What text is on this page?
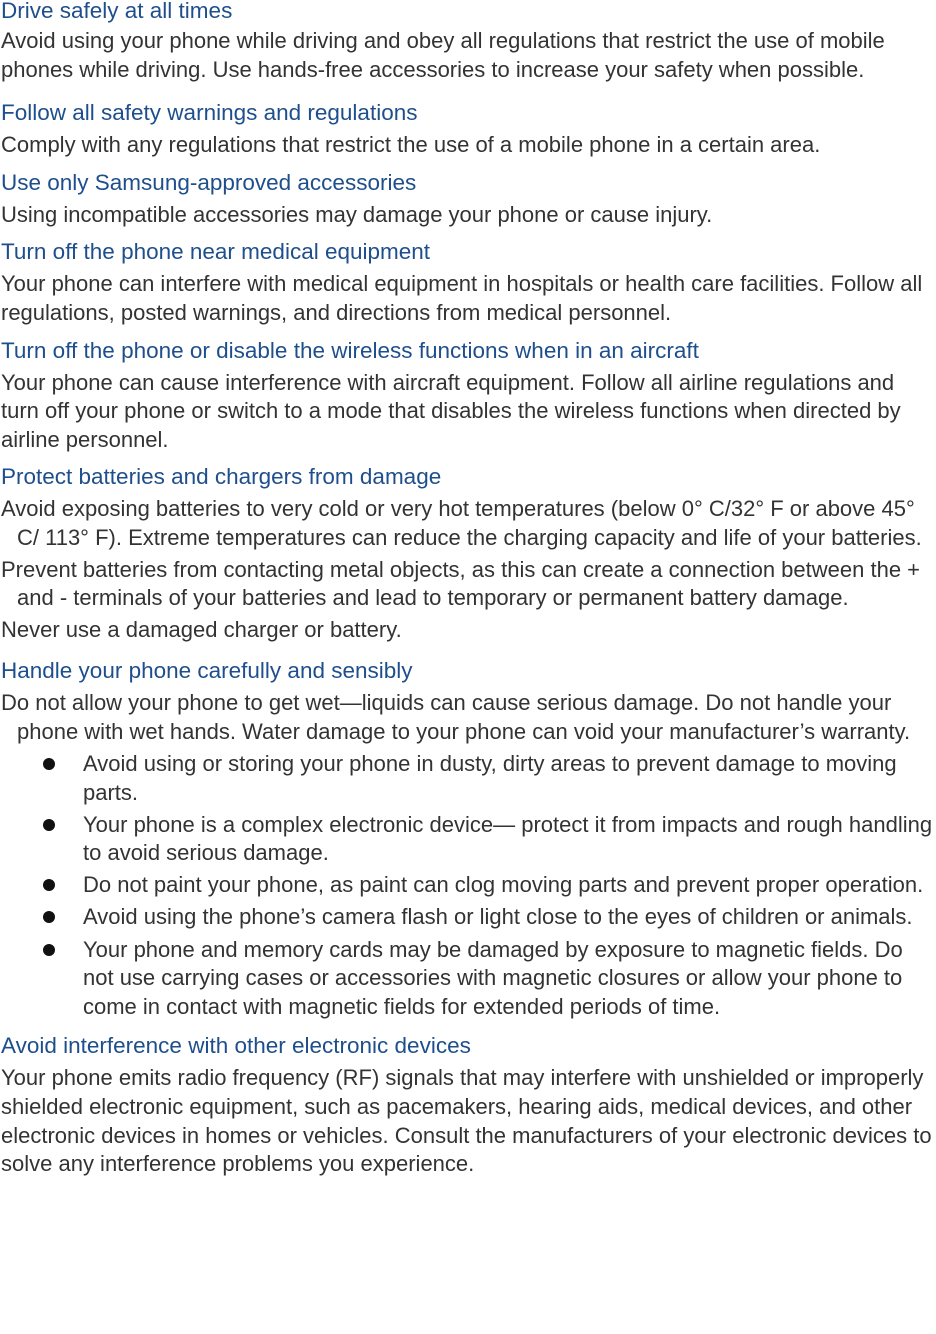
Drive safely at all times

Avoid using your phone while driving and obey all regulations that restrict the use of mobile phones while driving. Use hands-free accessories to increase your safety when possible.

Follow all safety warnings and regulations

Comply with any regulations that restrict the use of a mobile phone in a certain area.

Use only Samsung-approved accessories

Using incompatible accessories may damage your phone or cause injury.

Turn off the phone near medical equipment

Your phone can interfere with medical equipment in hospitals or health care facilities. Follow all regulations, posted warnings, and directions from medical personnel.

Turn off the phone or disable the wireless functions when in an aircraft

Your phone can cause interference with aircraft equipment. Follow all airline regulations and turn off your phone or switch to a mode that disables the wireless functions when directed by airline personnel.

Protect batteries and chargers from damage

Avoid exposing batteries to very cold or very hot temperatures (below 0° C/32° F or above 45° C/ 113° F). Extreme temperatures can reduce the charging capacity and life of your batteries.

Prevent batteries from contacting metal objects, as this can create a connection between the + and - terminals of your batteries and lead to temporary or permanent battery damage.

Never use a damaged charger or battery.

Handle your phone carefully and sensibly

Do not allow your phone to get wet—liquids can cause serious damage. Do not handle your phone with wet hands. Water damage to your phone can void your manufacturer’s warranty.

Avoid using or storing your phone in dusty, dirty areas to prevent damage to moving parts.
Your phone is a complex electronic device— protect it from impacts and rough handling to avoid serious damage.
Do not paint your phone, as paint can clog moving parts and prevent proper operation.
Avoid using the phone’s camera flash or light close to the eyes of children or animals.
Your phone and memory cards may be damaged by exposure to magnetic fields. Do not use carrying cases or accessories with magnetic closures or allow your phone to come in contact with magnetic fields for extended periods of time.
Avoid interference with other electronic devices

Your phone emits radio frequency (RF) signals that may interfere with unshielded or improperly shielded electronic equipment, such as pacemakers, hearing aids, medical devices, and other electronic devices in homes or vehicles. Consult the manufacturers of your electronic devices to solve any interference problems you experience.
